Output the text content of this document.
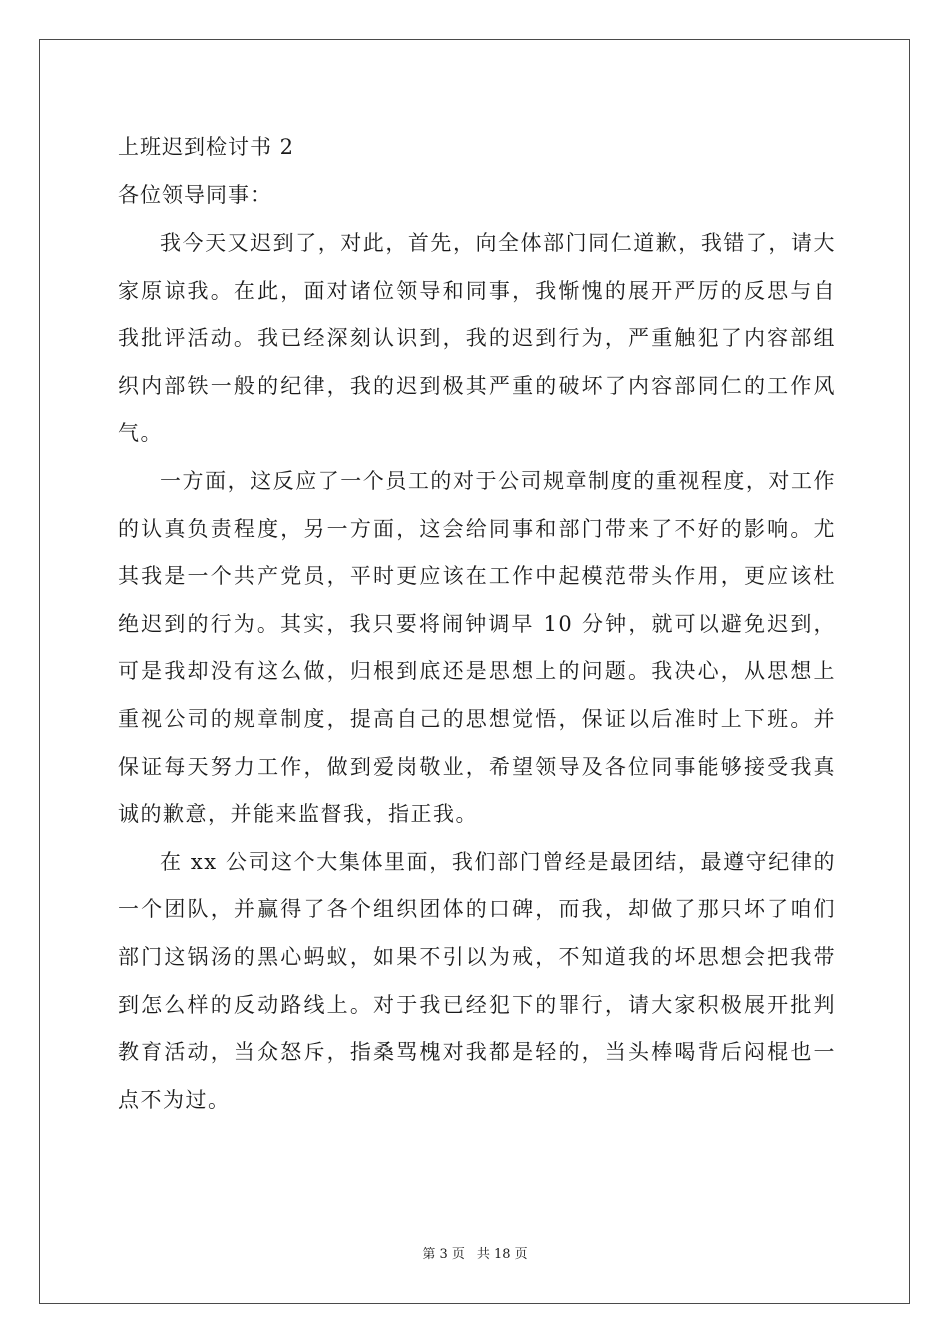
上班迟到检讨书 2

各位领导同事：

我今天又迟到了，对此，首先，向全体部门同仁道歉，我错了，请大家原谅我。在此，面对诸位领导和同事，我惭愧的展开严厉的反思与自我批评活动。我已经深刻认识到，我的迟到行为，严重触犯了内容部组织内部铁一般的纪律，我的迟到极其严重的破坏了内容部同仁的工作风气。

一方面，这反应了一个员工的对于公司规章制度的重视程度，对工作的认真负责程度，另一方面，这会给同事和部门带来了不好的影响。尤其我是一个共产党员，平时更应该在工作中起模范带头作用，更应该杜绝迟到的行为。其实，我只要将闹钟调早 10 分钟，就可以避免迟到，可是我却没有这么做，归根到底还是思想上的问题。我决心，从思想上重视公司的规章制度，提高自己的思想觉悟，保证以后准时上下班。并保证每天努力工作，做到爱岗敬业，希望领导及各位同事能够接受我真诚的歉意，并能来监督我，指正我。

在 xx 公司这个大集体里面，我们部门曾经是最团结，最遵守纪律的一个团队，并赢得了各个组织团体的口碑，而我，却做了那只坏了咱们部门这锅汤的黑心蚂蚁，如果不引以为戒，不知道我的坏思想会把我带到怎么样的反动路线上。对于我已经犯下的罪行，请大家积极展开批判教育活动，当众怒斥，指桑骂槐对我都是轻的，当头棒喝背后闷棍也一点不为过。

第 3 页 共 18 页
